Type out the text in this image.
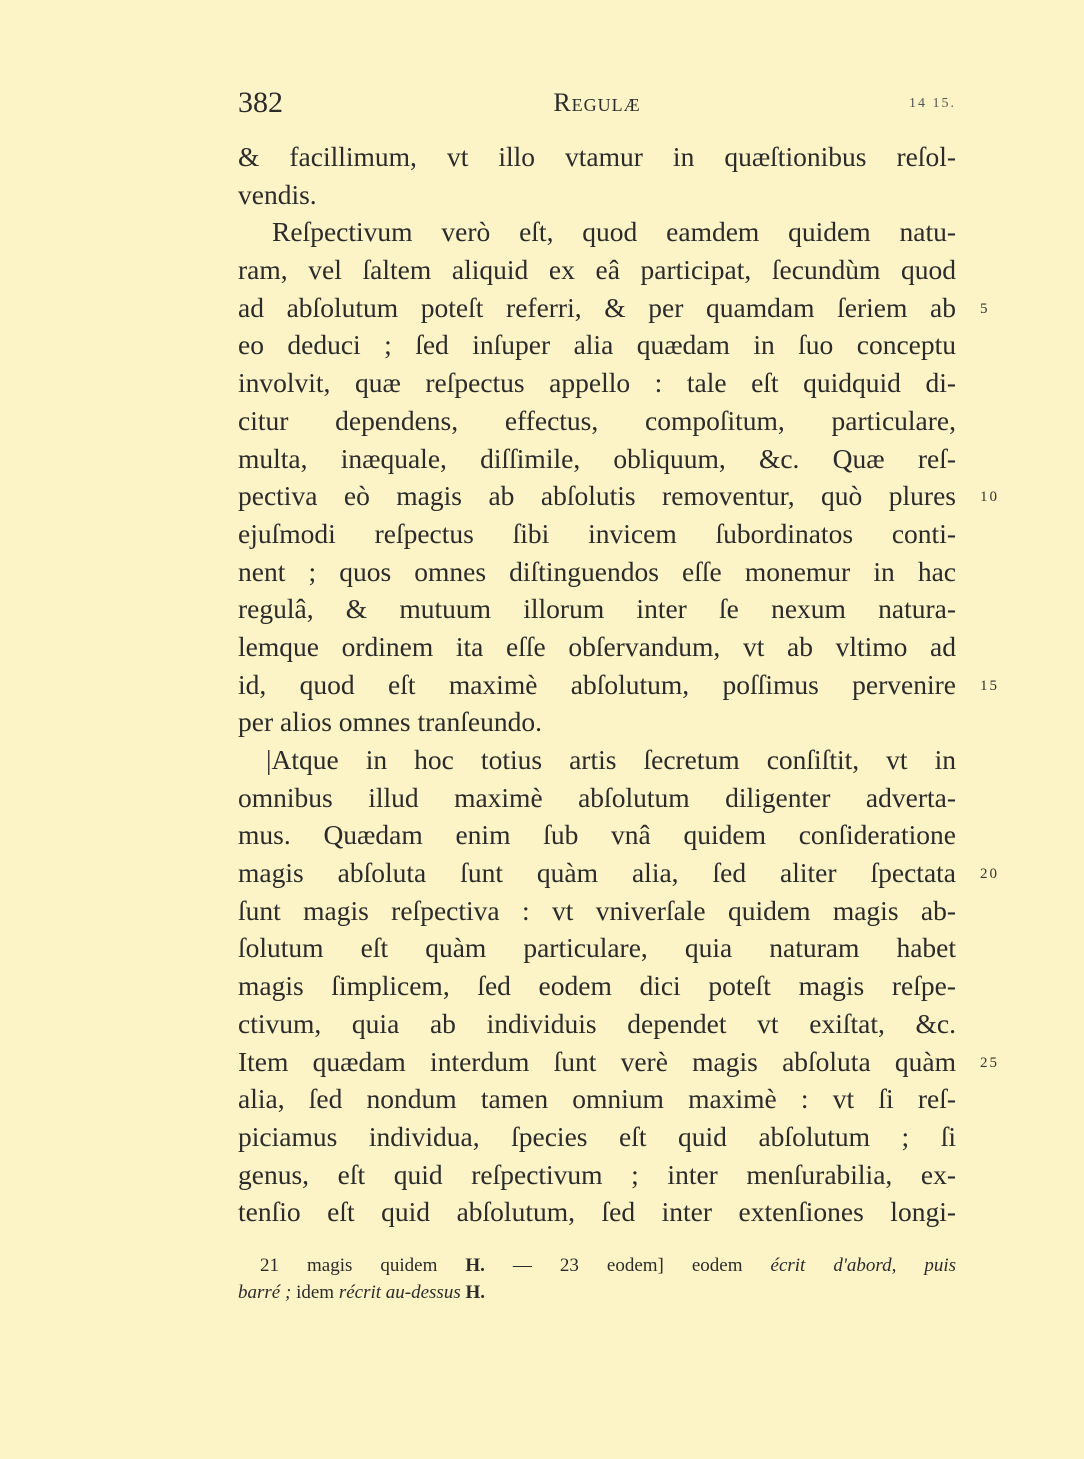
382	Regulæ	14 15.
& facillimum, vt illo vtamur in quæſtionibus reſol-
vendis.
Reſpectivum verò eſt, quod eamdem quidem natu-
ram, vel ſaltem aliquid ex eâ participat, ſecundùm quod
ad abſolutum poteſt referri, & per quamdam ſeriem ab 5
eo deduci ; ſed inſuper alia quædam in ſuo conceptu
involvit, quæ reſpectus appello : tale eſt quidquid di-
citur dependens, effectus, compoſitum, particulare,
multa, inæquale, diſſimile, obliquum, &c. Quæ reſ-
pectiva eò magis ab abſolutis removentur, quò plures 10
ejuſmodi reſpectus ſibi invicem ſubordinatos conti-
nent ; quos omnes diſtinguendos eſſe monemur in hac
regulâ, & mutuum illorum inter ſe nexum natura-
lemque ordinem ita eſſe obſervandum, vt ab vltimo ad
id, quod eſt maximè abſolutum, poſſimus pervenire 15
per alios omnes tranſeundo.
|Atque in hoc totius artis ſecretum conſiſtit, vt in
omnibus illud maximè abſolutum diligenter adverta-
mus. Quædam enim ſub vnâ quidem conſideratione
magis abſoluta ſunt quàm alia, ſed aliter ſpectata 20
ſunt magis reſpectiva : vt vniverſale quidem magis ab-
ſolutum eſt quàm particulare, quia naturam habet
magis ſimplicem, ſed eodem dici poteſt magis reſpe-
ctivum, quia ab individuis dependet vt exiſtat, &c.
Item quædam interdum ſunt verè magis abſoluta quàm 25
alia, ſed nondum tamen omnium maximè : vt ſi reſ-
piciamus individua, ſpecies eſt quid abſolutum ; ſi
genus, eſt quid reſpectivum ; inter menſurabilia, ex-
tenſio eſt quid abſolutum, ſed inter extenſiones longi-
21 magis quidem H. — 23 eodem] eodem écrit d'abord, puis
barré ; idem récrit au-dessus H.
